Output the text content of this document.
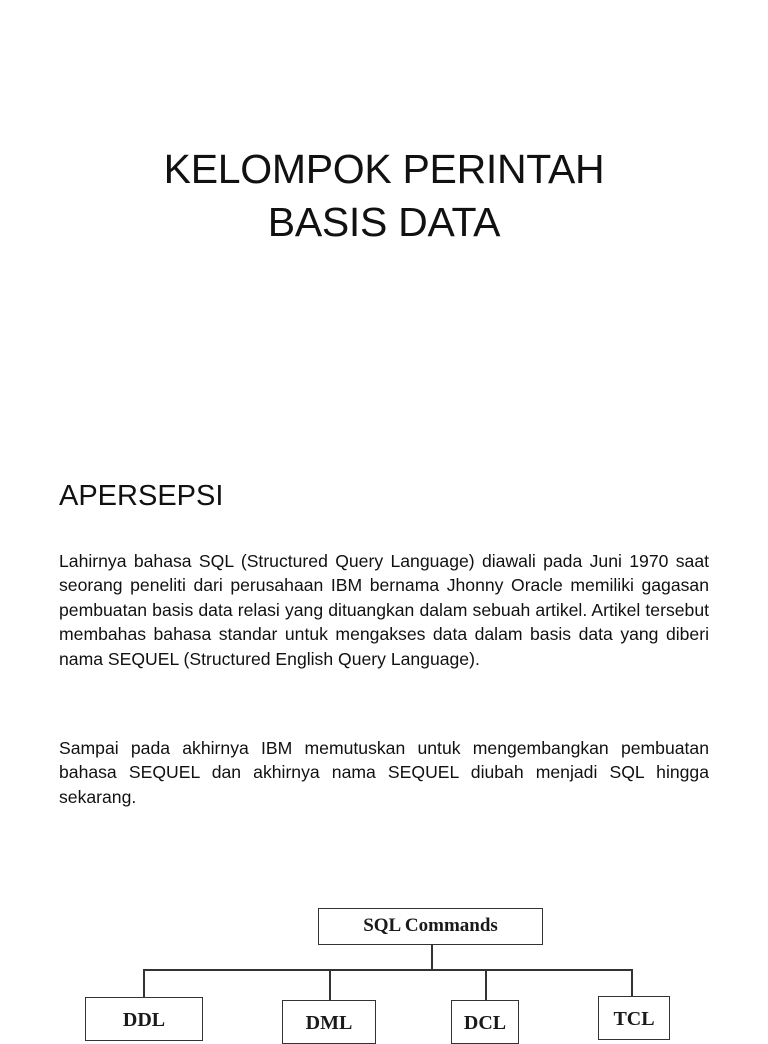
KELOMPOK PERINTAH
BASIS DATA
APERSEPSI

Lahirnya bahasa SQL (Structured Query Language) diawali pada Juni 1970 saat seorang peneliti dari perusahaan IBM bernama Jhonny Oracle memiliki gagasan pembuatan basis data relasi yang dituangkan dalam sebuah artikel. Artikel tersebut membahas bahasa standar untuk mengakses data dalam basis data yang diberi nama SEQUEL (Structured English Query Language).

Sampai pada akhirnya IBM memutuskan untuk mengembangkan pembuatan bahasa SEQUEL dan akhirnya nama SEQUEL diubah menjadi SQL hingga sekarang.

SQL Commands
DDL	DML	DCL	TCL
